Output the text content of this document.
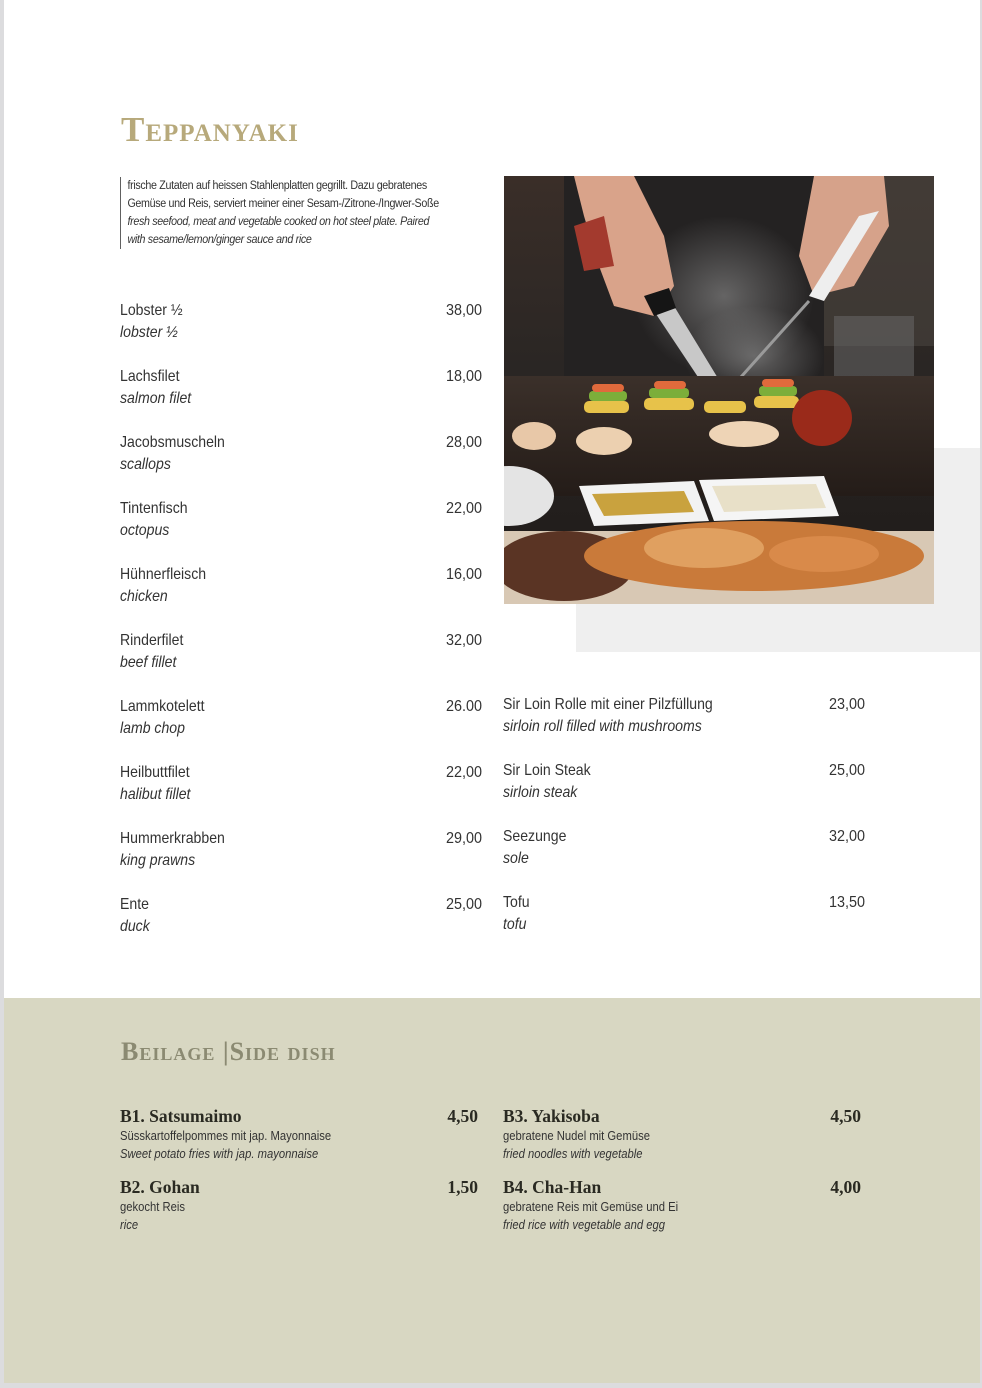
Teppanyaki
frische Zutaten auf heissen Stahlenplatten gegrillt. Dazu gebratenes
Gemüse und Reis, serviert meiner einer Sesam-/Zitrone-/Ingwer-Soße
fresh seefood, meat and vegetable cooked on hot steel plate. Paired
with sesame/lemon/ginger sauce and rice
Lobster ½
lobster ½
38,00
Lachsfilet
salmon filet
18,00
Jacobsmuscheln
scallops
28,00
Tintenfisch
octopus
22,00
Hühnerfleisch
chicken
16,00
Rinderfilet
beef fillet
32,00
Lammkotelett
lamb chop
26.00
Heilbuttfilet
halibut fillet
22,00
Hummerkrabben
king prawns
29,00
Ente
duck
25,00
Sir Loin Rolle mit einer Pilzfüllung
sirloin roll filled with mushrooms
23,00
Sir Loin Steak
sirloin steak
25,00
Seezunge
sole
32,00
Tofu
tofu
13,50
Beilage |Side dish
B1. Satsumaimo	4,50
Süsskartoffelpommes mit jap. Mayonnaise
Sweet potato fries with jap. mayonnaise
B2. Gohan	1,50
gekocht Reis
rice
B3. Yakisoba	4,50
gebratene Nudel mit Gemüse
fried noodles with vegetable
B4. Cha-Han	4,00
gebratene Reis mit Gemüse und Ei
fried rice with vegetable and egg
